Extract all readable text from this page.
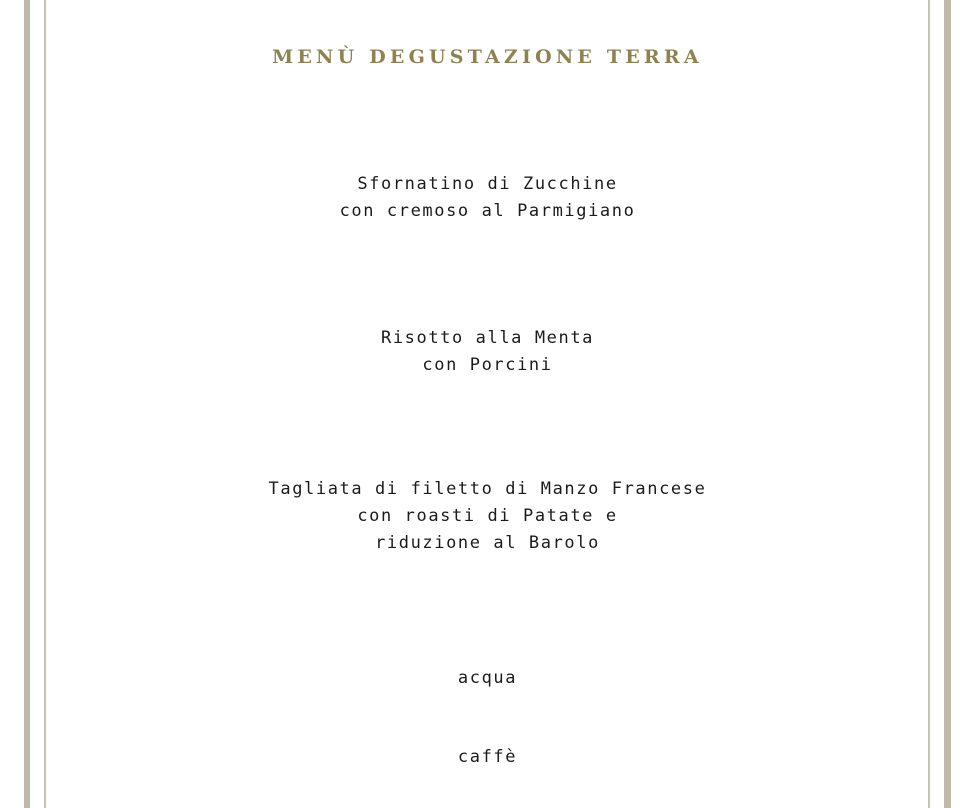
MENÙ DEGUSTAZIONE TERRA
Sfornatino di Zucchine
con cremoso al Parmigiano
Risotto alla Menta
con Porcini
Tagliata di filetto di Manzo Francese
con roasti di Patate e
riduzione al Barolo
acqua
caffè
